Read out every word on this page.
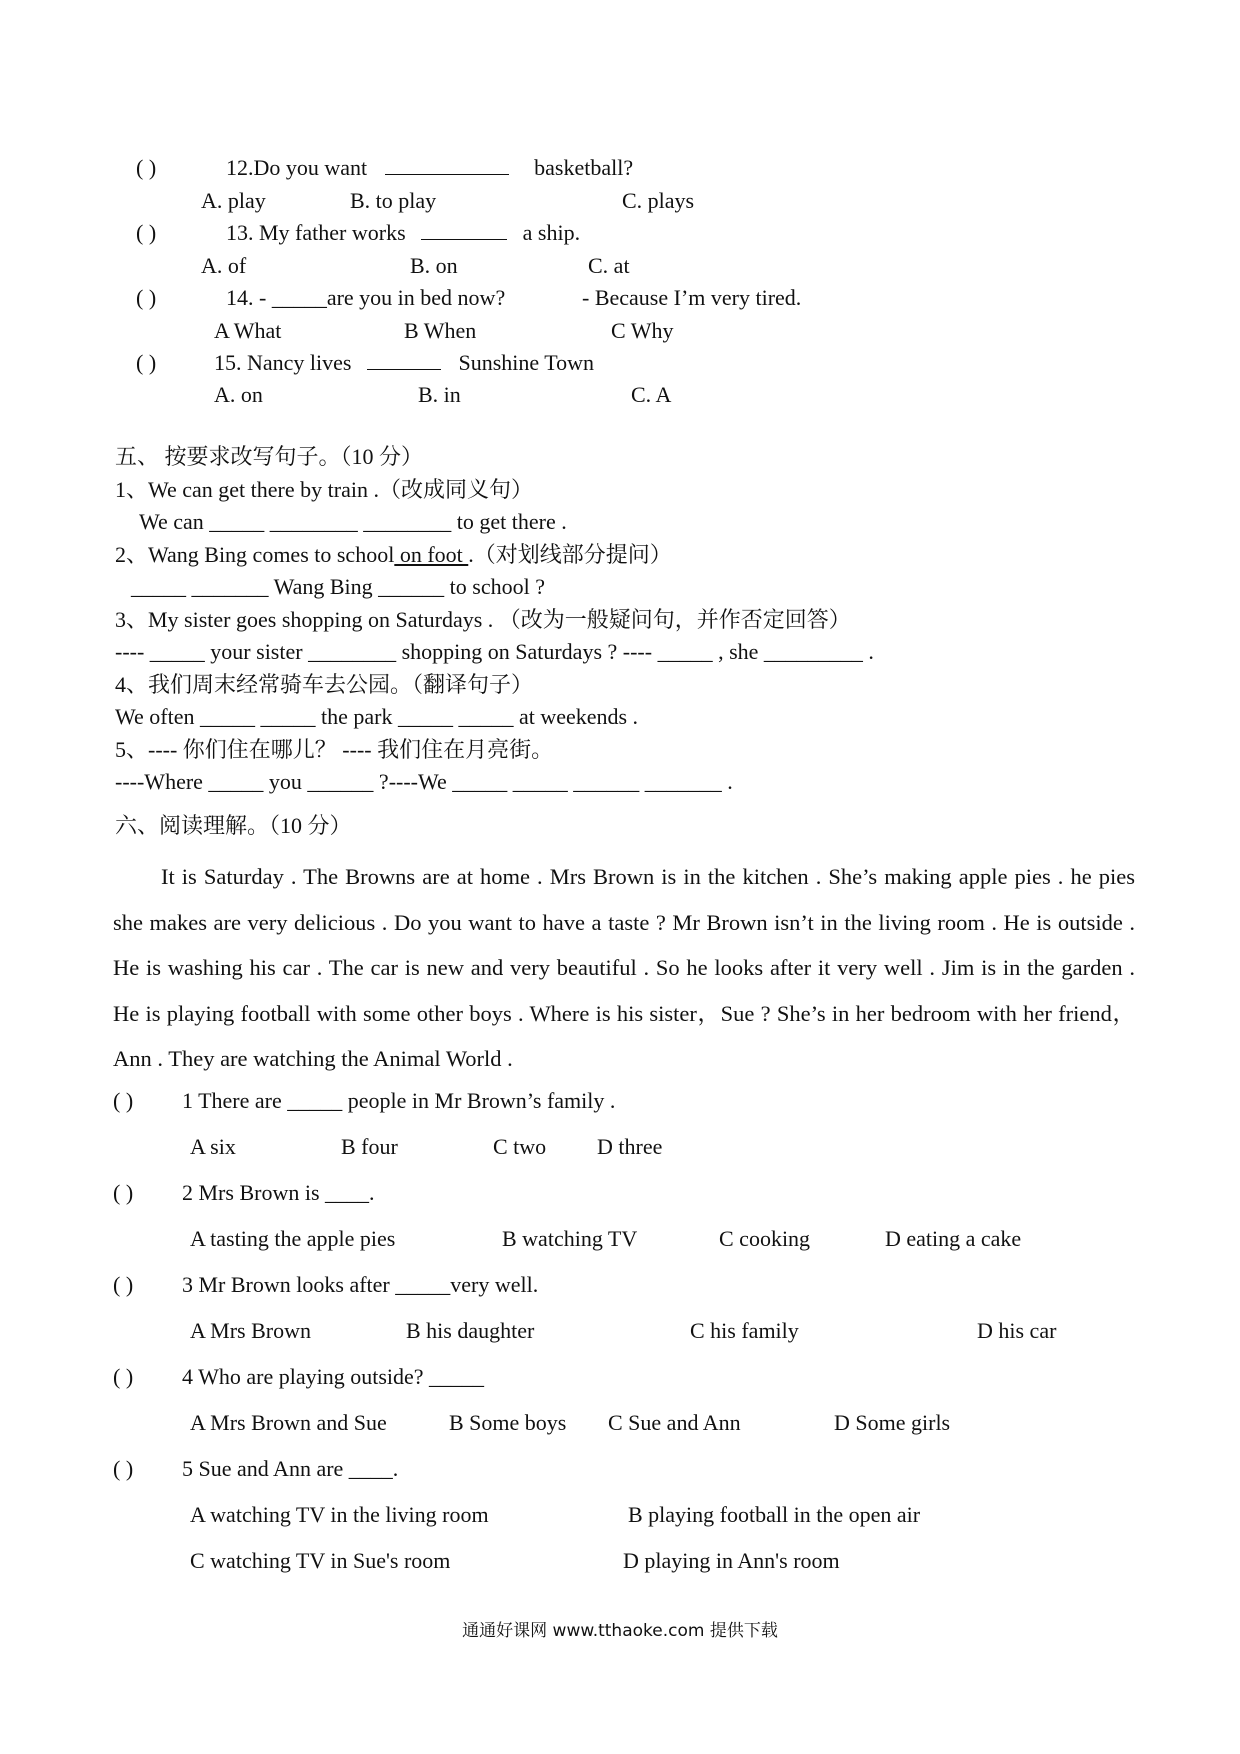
( )	12.Do you want	basketball?
A. play	B. to play	C. plays
( )	13. My father works	a ship.
A. of	B. on	C. at
( )	14. - _____are you in bed now?	- Because I’m very tired.
A What	B When	C Why
( )	15. Nancy lives	Sunshine Town
A. on	B. in	C. A
五、 按要求改写句子。（10 分）
1、We can get there by train .（改成同义句）
We can _____ ________ ________ to get there .
2、Wang Bing comes to school on foot .（对划线部分提问）
_____ _______ Wang Bing ______ to school ?
3、My sister goes shopping on Saturdays . （改为一般疑问句，并作否定回答）
---- _____ your sister ________ shopping on Saturdays ? ---- _____ , she _________ .
4、我们周末经常骑车去公园。（翻译句子）
We often _____ _____ the park _____ _____ at weekends .
5、---- 你们住在哪儿？ ---- 我们住在月亮街。
----Where _____ you ______ ?----We _____ _____ ______ _______ .
六、阅读理解。（10 分）

It is Saturday . The Browns are at home . Mrs Brown is in the kitchen . She’s making apple pies . he pies she makes are very delicious . Do you want to have a taste ? Mr Brown isn’t in the living room . He is outside . He is washing his car . The car is new and very beautiful . So he looks after it very well . Jim is in the garden . He is playing football with some other boys . Where is his sister，Sue ? She’s in her bedroom with her friend，Ann . They are watching the Animal World .

( ) 1 There are _____ people in Mr Brown’s family .
A six	B four	C two D three
( ) 2 Mrs Brown is ____.
A tasting the apple pies	B watching TV	C cooking	D eating a cake
( ) 3 Mr Brown looks after _____very well.
A Mrs Brown	B his daughter	C his family	D his car
( ) 4 Who are playing outside? _____
A Mrs Brown and Sue	B Some boys C Sue and Ann	D Some girls
( ) 5 Sue and Ann are ____.
A watching TV in the living room	B playing football in the open air
C watching TV in Sue's room	D playing in Ann's room
通通好课网 www.tthaoke.com 提供下载
